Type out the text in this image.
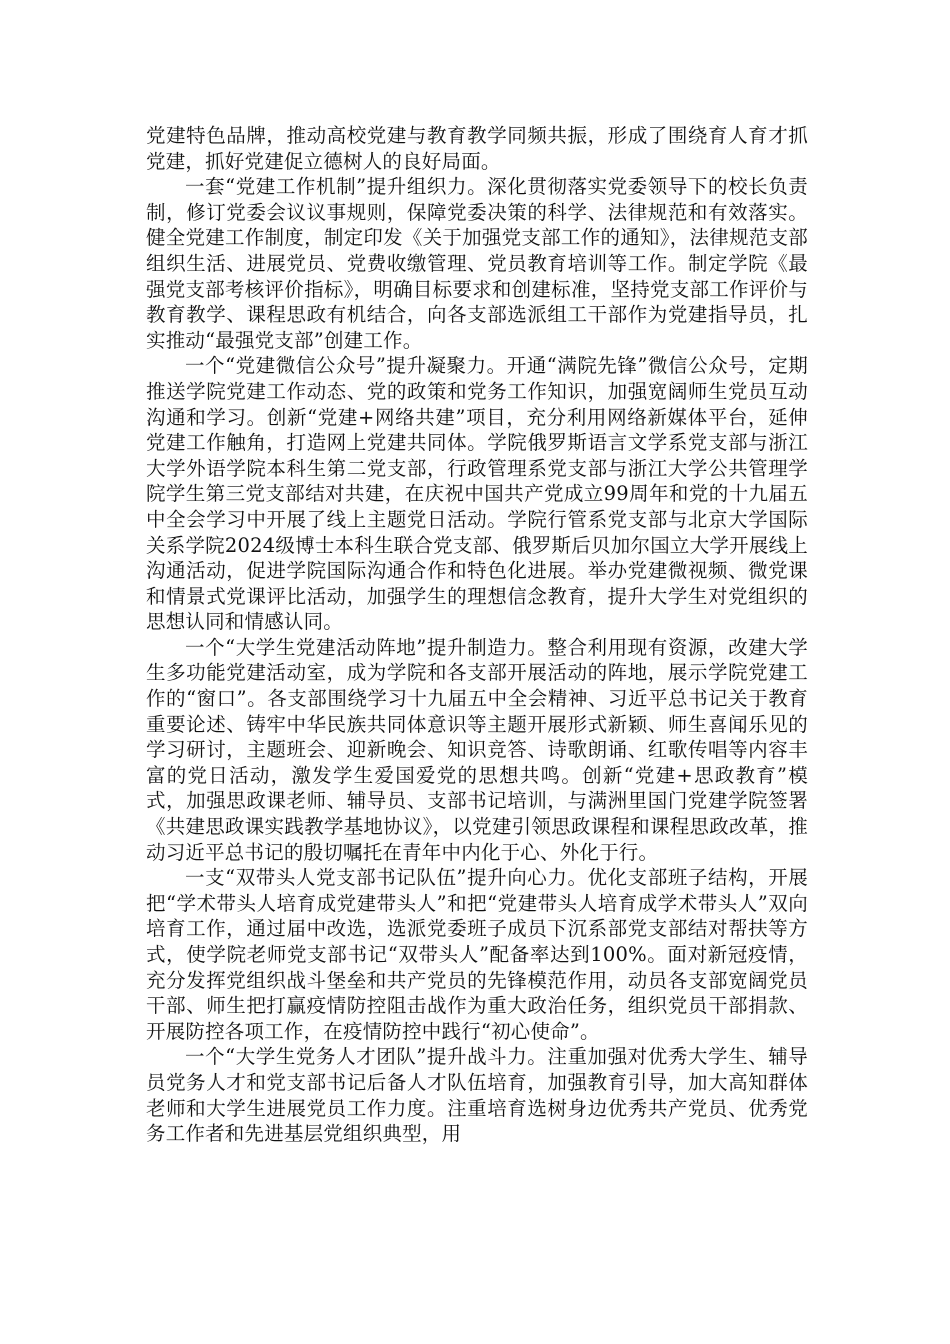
党建特色品牌，推动高校党建与教育教学同频共振，形成了围绕育人育才抓党建，抓好党建促立德树人的良好局面。

一套“党建工作机制”提升组织力。深化贯彻落实党委领导下的校长负责制，修订党委会议议事规则，保障党委决策的科学、法律规范和有效落实。健全党建工作制度，制定印发《关于加强党支部工作的通知》，法律规范支部组织生活、进展党员、党费收缴管理、党员教育培训等工作。制定学院《最强党支部考核评价指标》，明确目标要求和创建标准，坚持党支部工作评价与教育教学、课程思政有机结合，向各支部选派组工干部作为党建指导员，扎实推动“最强党支部”创建工作。

一个“党建微信公众号”提升凝聚力。开通“满院先锋”微信公众号，定期推送学院党建工作动态、党的政策和党务工作知识，加强宽阔师生党员互动沟通和学习。创新“党建+网络共建”项目，充分利用网络新媒体平台，延伸党建工作触角，打造网上党建共同体。学院俄罗斯语言文学系党支部与浙江大学外语学院本科生第二党支部，行政管理系党支部与浙江大学公共管理学院学生第三党支部结对共建，在庆祝中国共产党成立99周年和党的十九届五中全会学习中开展了线上主题党日活动。学院行管系党支部与北京大学国际关系学院2024级博士本科生联合党支部、俄罗斯后贝加尔国立大学开展线上沟通活动，促进学院国际沟通合作和特色化进展。举办党建微视频、微党课和情景式党课评比活动，加强学生的理想信念教育，提升大学生对党组织的思想认同和情感认同。

一个“大学生党建活动阵地”提升制造力。整合利用现有资源，改建大学生多功能党建活动室，成为学院和各支部开展活动的阵地，展示学院党建工作的“窗口”。各支部围绕学习十九届五中全会精神、习近平总书记关于教育重要论述、铸牢中华民族共同体意识等主题开展形式新颖、师生喜闻乐见的学习研讨，主题班会、迎新晚会、知识竞答、诗歌朗诵、红歌传唱等内容丰富的党日活动，激发学生爱国爱党的思想共鸣。创新“党建+思政教育”模式，加强思政课老师、辅导员、支部书记培训，与满洲里国门党建学院签署《共建思政课实践教学基地协议》，以党建引领思政课程和课程思政改革，推动习近平总书记的殷切嘱托在青年中内化于心、外化于行。

一支“双带头人党支部书记队伍”提升向心力。优化支部班子结构，开展把“学术带头人培育成党建带头人”和把“党建带头人培育成学术带头人”双向培育工作，通过届中改选，选派党委班子成员下沉系部党支部结对帮扶等方式，使学院老师党支部书记“双带头人”配备率达到100%。面对新冠疫情，充分发挥党组织战斗堡垒和共产党员的先锋模范作用，动员各支部宽阔党员干部、师生把打赢疫情防控阻击战作为重大政治任务，组织党员干部捐款、开展防控各项工作，在疫情防控中践行“初心使命”。

一个“大学生党务人才团队”提升战斗力。注重加强对优秀大学生、辅导员党务人才和党支部书记后备人才队伍培育，加强教育引导，加大高知群体老师和大学生进展党员工作力度。注重培育选树身边优秀共产党员、优秀党务工作者和先进基层党组织典型，用
